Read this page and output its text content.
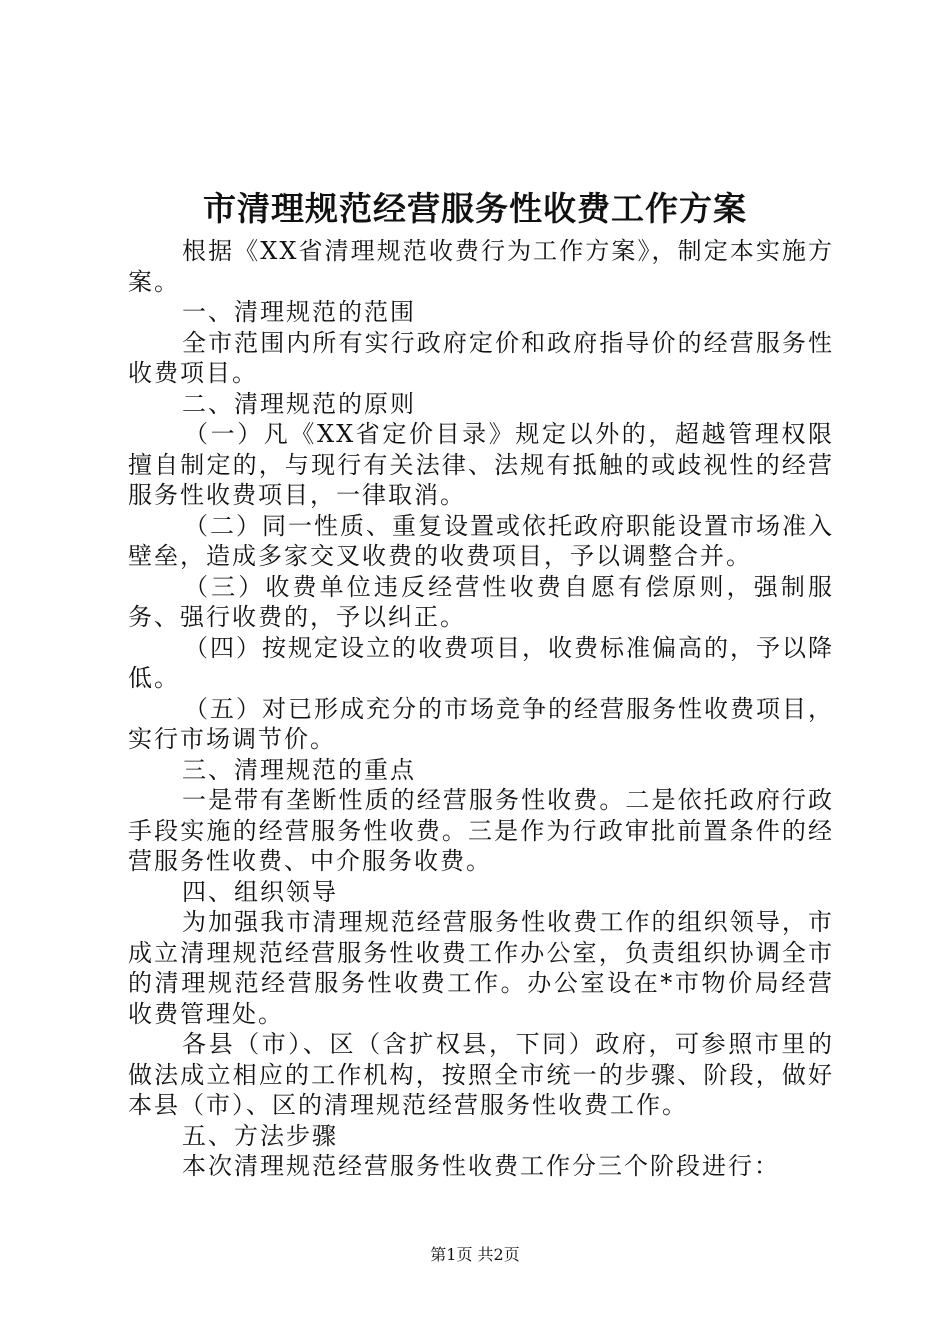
市清理规范经营服务性收费工作方案

根据《XX省清理规范收费行为工作方案》，制定本实施方案。

一、清理规范的范围

全市范围内所有实行政府定价和政府指导价的经营服务性收费项目。

二、清理规范的原则

（一）凡《XX省定价目录》规定以外的，超越管理权限擅自制定的，与现行有关法律、法规有抵触的或歧视性的经营服务性收费项目，一律取消。

（二）同一性质、重复设置或依托政府职能设置市场准入壁垒，造成多家交叉收费的收费项目，予以调整合并。

（三）收费单位违反经营性收费自愿有偿原则，强制服务、强行收费的，予以纠正。

（四）按规定设立的收费项目，收费标准偏高的，予以降低。

（五）对已形成充分的市场竞争的经营服务性收费项目，实行市场调节价。

三、清理规范的重点

一是带有垄断性质的经营服务性收费。二是依托政府行政手段实施的经营服务性收费。三是作为行政审批前置条件的经营服务性收费、中介服务收费。

四、组织领导

为加强我市清理规范经营服务性收费工作的组织领导，市成立清理规范经营服务性收费工作办公室，负责组织协调全市的清理规范经营服务性收费工作。办公室设在*市物价局经营收费管理处。

各县（市）、区（含扩权县，下同）政府，可参照市里的做法成立相应的工作机构，按照全市统一的步骤、阶段，做好本县（市）、区的清理规范经营服务性收费工作。

五、方法步骤

本次清理规范经营服务性收费工作分三个阶段进行：

第1页 共2页
